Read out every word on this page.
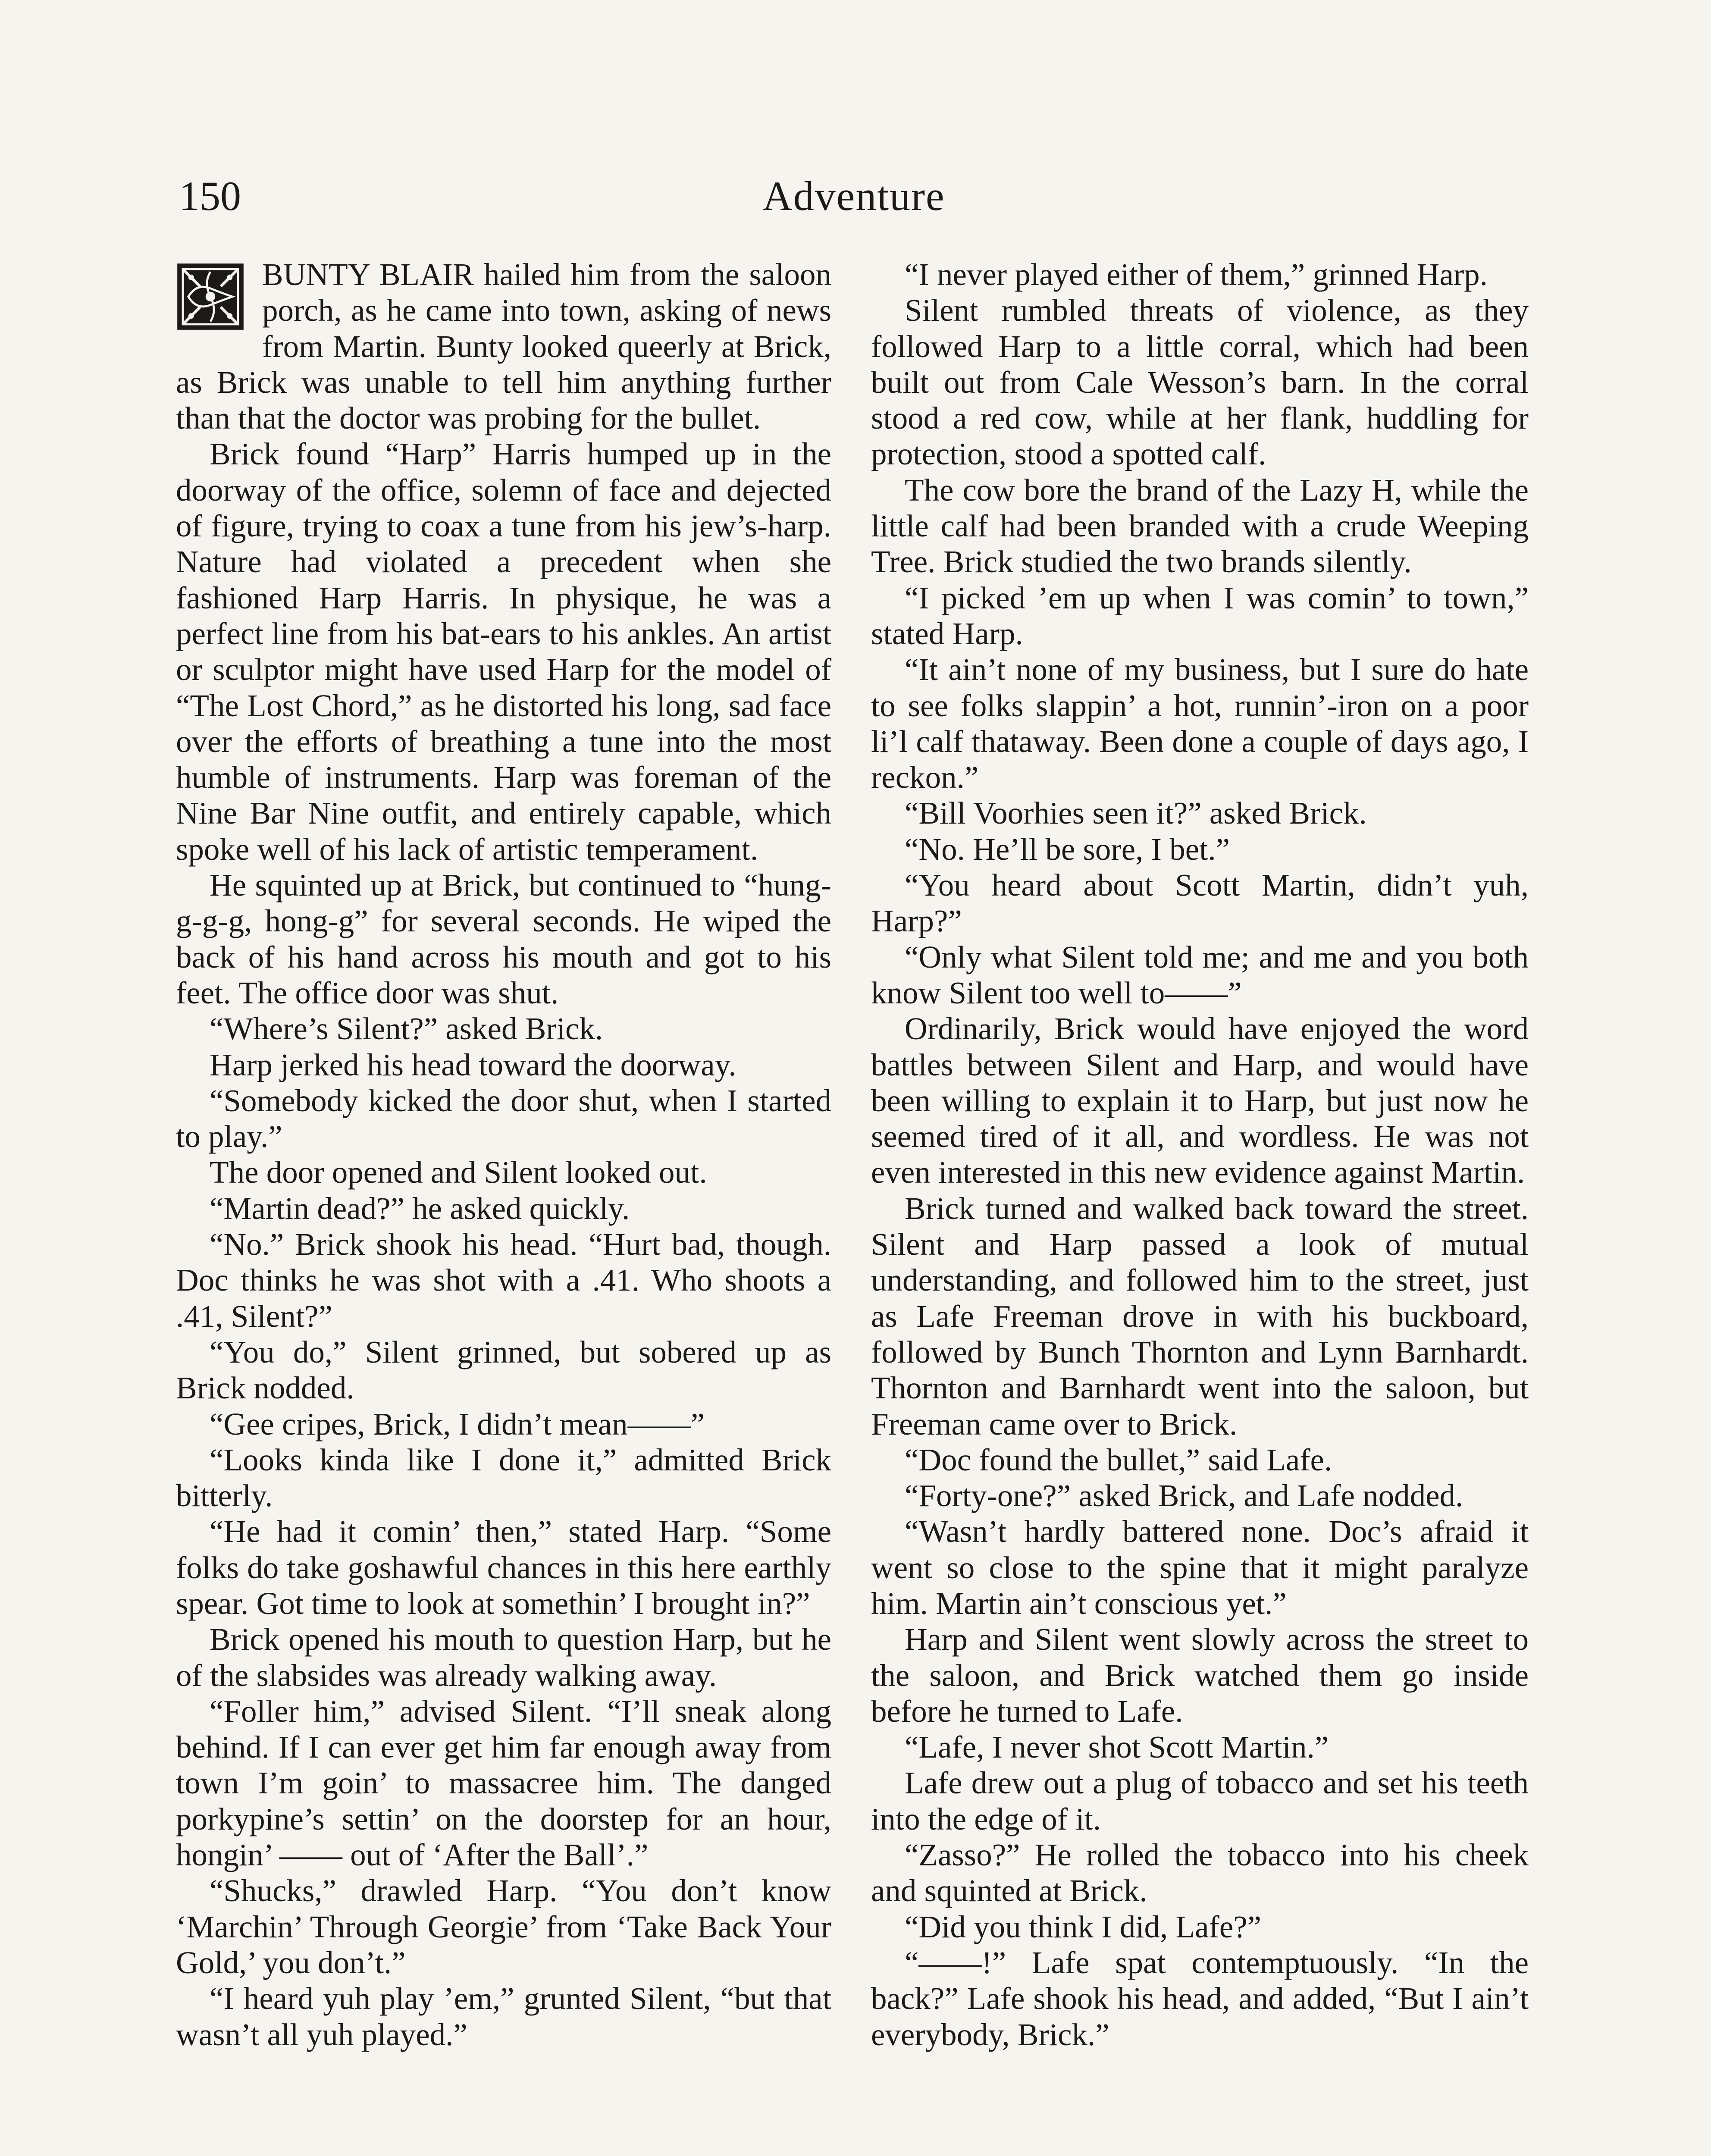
150	Adventure

BUNTY BLAIR hailed him from the saloon porch, as he came into town, asking of news from Martin. Bunty looked queerly at Brick, as Brick was unable to tell him anything further than that the doctor was probing for the bullet.

Brick found “Harp” Harris humped up in the doorway of the office, solemn of face and dejected of figure, trying to coax a tune from his jew’s-harp. Nature had violated a precedent when she fashioned Harp Harris. In physique, he was a perfect line from his bat-ears to his ankles. An artist or sculptor might have used Harp for the model of “The Lost Chord,” as he distorted his long, sad face over the efforts of breathing a tune into the most humble of instruments. Harp was foreman of the Nine Bar Nine outfit, and entirely capable, which spoke well of his lack of artistic temperament.

He squinted up at Brick, but continued to “hung-g-g-g, hong-g” for several seconds. He wiped the back of his hand across his mouth and got to his feet. The office door was shut.

“Where’s Silent?” asked Brick.

Harp jerked his head toward the doorway.

“Somebody kicked the door shut, when I started to play.”

The door opened and Silent looked out.

“Martin dead?” he asked quickly.

“No.” Brick shook his head. “Hurt bad, though. Doc thinks he was shot with a .41. Who shoots a .41, Silent?”

“You do,” Silent grinned, but sobered up as Brick nodded.

“Gee cripes, Brick, I didn’t mean——”

“Looks kinda like I done it,” admitted Brick bitterly.

“He had it comin’ then,” stated Harp. “Some folks do take goshawful chances in this here earthly spear. Got time to look at somethin’ I brought in?”

Brick opened his mouth to question Harp, but he of the slabsides was already walking away.

“Foller him,” advised Silent. “I’ll sneak along behind. If I can ever get him far enough away from town I’m goin’ to massacree him. The danged porkypine’s settin’ on the doorstep for an hour, hongin’ —— out of ‘After the Ball’.”

“Shucks,” drawled Harp. “You don’t know ‘Marchin’ Through Georgie’ from ‘Take Back Your Gold,’ you don’t.”

“I heard yuh play ’em,” grunted Silent, “but that wasn’t all yuh played.”

“I never played either of them,” grinned Harp.

Silent rumbled threats of violence, as they followed Harp to a little corral, which had been built out from Cale Wesson’s barn. In the corral stood a red cow, while at her flank, huddling for protection, stood a spotted calf.

The cow bore the brand of the Lazy H, while the little calf had been branded with a crude Weeping Tree. Brick studied the two brands silently.

“I picked ’em up when I was comin’ to town,” stated Harp.

“It ain’t none of my business, but I sure do hate to see folks slappin’ a hot, runnin’-iron on a poor li’l calf thataway. Been done a couple of days ago, I reckon.”

“Bill Voorhies seen it?” asked Brick.

“No. He’ll be sore, I bet.”

“You heard about Scott Martin, didn’t yuh, Harp?”

“Only what Silent told me; and me and you both know Silent too well to——”

Ordinarily, Brick would have enjoyed the word battles between Silent and Harp, and would have been willing to explain it to Harp, but just now he seemed tired of it all, and wordless. He was not even interested in this new evidence against Martin.

Brick turned and walked back toward the street. Silent and Harp passed a look of mutual understanding, and followed him to the street, just as Lafe Freeman drove in with his buckboard, followed by Bunch Thornton and Lynn Barnhardt. Thornton and Barnhardt went into the saloon, but Freeman came over to Brick.

“Doc found the bullet,” said Lafe.

“Forty-one?” asked Brick, and Lafe nodded.

“Wasn’t hardly battered none. Doc’s afraid it went so close to the spine that it might paralyze him. Martin ain’t conscious yet.”

Harp and Silent went slowly across the street to the saloon, and Brick watched them go inside before he turned to Lafe.

“Lafe, I never shot Scott Martin.”

Lafe drew out a plug of tobacco and set his teeth into the edge of it.

“Zasso?” He rolled the tobacco into his cheek and squinted at Brick.

“Did you think I did, Lafe?”

“——!” Lafe spat contemptuously. “In the back?” Lafe shook his head, and added, “But I ain’t everybody, Brick.”
